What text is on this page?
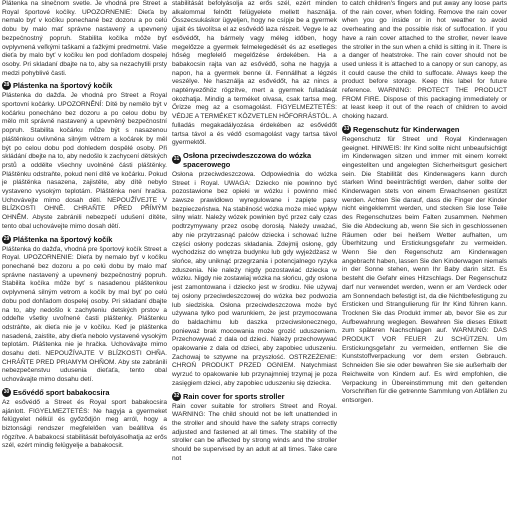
Plátenka na slnečnom svetle. Je vhodná pre Street a Royal športové kočíky. UPOZORNENIE: Dieťa by nemalo byť v kočíku ponechané bez dozoru a po celú dobu by malo mať správne nastavený a upevnený bezpečnostný popruh. Stabilita kočíka môže byť ovplyvnená veľkými taškami a ťažkými predmetmi. Vaše dieťa by malo byť v kočíku len pod dohľadom dospelej osoby. Pri skladaní dbajte na to, aby sa nezachytili prsty medzi pohyblivé časti.

28 Plástenka na športový kočík

Plástenka do dažďa. Je vhodná pro Street a Royal sportovní kočárky. UPOZORNĚNÍ: Dítě by nemělo být v kočárku ponecháno bez dozoru a po celou dobu by mělo mít správně nastavený a upevněný bezpečnostní popruh. Stabilita kočárku může být s nasazenou pláštěnkou ovlivněna silným větrem a kočárek by měl být po celou dobu pod dohledem dospělé osoby. Při skládání dbejte na to, aby nedošlo k zachycení dětských prstů a oddělte všechny uvolněné části pláštěnky. Pláštěnku odstraňte, pokud není dítě ve kočárku. Pokud je pláštěnka nasazena, zajistěte, aby dítě nebylo vystaveno vysokým teplotám. Pláštěnka není hračka. Uchovávejte mimo dosah dětí. NEPOUŽÍVEJTE V BLÍZKOSTI OHNĚ. CHRAŇTE PŘED PŘÍMÝM OHNĚM. Abyste zabránili nebezpečí udušení dítěte, tento obal uchovávejte mimo dosah dětí.

29 Pláštenka na športový kočík

Pláštenka do dažďa, vhodná pre športový kočík Street a Royal. UPOZORNENIE: Dieťa by nemalo byť v kočíku ponechané bez dozoru a po celú dobu by malo mať správne nastavený a upevnený bezpečnostný popruh. Stabilita kočíka môže byť s nasadenou pláštenkou ovplyvnená silným vetrom a kočík by mal byť po celú dobu pod dohľadom dospelej osoby. Pri skladaní dbajte na to, aby nedošlo k zachyteniu detských prstov a oddeľte všetky uvoľnené časti pláštenky. Pláštenku odstráňte, ak dieťa nie je v kočíku. Keď je pláštenka nasadená, zaistite, aby dieťa nebolo vystavené vysokým teplotám. Pláštenka nie je hračka. Uchovávajte mimo dosahu detí. NEPOUŽÍVAJTE V BLÍZKOSTI OHŇA. CHRÁŇTE PRED PRIAMYM OHŇOM. Aby ste zabránili nebezpečenstvu udusenia dieťaťa, tento obal uchovávajte mimo dosahu detí.

30 Esővédő sport babakocsira

Az esővédő a Street és Royal sport babakocsira ajánlott. FIGYELMEZTETÉS: Ne hagyja a gyermeket felügyelet nélkül és győződjön meg arról, hogy a biztonsági rendszer megfelelően van beállítva és rögzítve. A babakocsi stabilitását befolyásolhatja az erős szél, ezért mindig felügyelje a babakocsit.

stabilitását befolyásolja az erős szél, ezért minden alkalommal felnőtt felügyelete mellett használja. Összecsukáskor ügyeljen, hogy ne csípje be a gyermek ujjait és távolítsa el az esővédő laza részeit. Vegye le az esővédőt, ha bármely vagy méleg időben, hogy megelőzze a gyermek felmelegedését és az esetleges hőség megfelelő megelőzése érdekében. Ha a babakocsin rajta van az esővédő, soha ne hagyja a napon, ha a gyermek benne ül. Fennállhat a légzés veszélye. Ne használja az esővédőt, ha az nincs a naptényezőhöz rögzítve, mert a gyermek fulladását okozhatja. Mindig a terméket olvasa, csak tartsa meg. Őrizze meg az a csomagolást. FIGYELMEZTETÉS: VÉDJE A TERMÉKET KÖZVETLEN HŐFORRÁSTÓL. A fulladás megakadályozása érdekében az esővédőt tartsa távol a és védő csomagolást vagy tartsa távol gyermektől.

31 Osłona przeciwdeszczowa do wózka spacerowego

Osłona przeciwdeszczowa. Odpowiednia do wózka Street i Royal. UWAGA: Dziecko nie powinno być pozostawione bez opieki w wózku i powinno mieć zawsze prawidłowo wyregulowane i zapięte pasy bezpieczeństwa. Na stabilność wózka może mieć wpływ silny wiatr. Należy wózek powinien być przez cały czas podtrzymywany przez osobę dorosłą. Należy uważać, aby nie przytrzasnąć palców dziecka i schować luźne części osłony podczas składania. Zdejmij osłonę, gdy wychodzisz do wnętrza budynku lub gdy wyjeżdżasz w słońce, aby uniknąć przegrzania i potencjalnego ryzyka zduszenia. Nie należy nigdy pozostawiać dziecka w wózku. Nigdy nie zostawiaj wózka na słońcu, gdy osłona jest zamontowana i dziecko jest w środku. Nie używaj tej osłony przeciwdeszczowej do wózka bez podwozia lub siedziska. Osłona przeciwdeszczowa może być używana tylko pod warunkiem, że jest przymocowana do baldachimu lub daszka przeciwsłonecznego, ponieważ brak mocowania może grozić uduszeniem. Przechowywać z dala od dzieci. Należy przechowywać opakowanie z dala od dzieci, aby zapobiec uduszeniu. Zachowaj te sztywne na przyszłość. OSTRZEŻENIE: CHROŃ PRODUKT PRZED OGNIEM. Natychmiast wyrzuć to opakowanie lub przynajmniej trzymaj je poza zasięgiem dzieci, aby zapobiec uduszeniu się dziecka.

32 Rain cover for sports stroller

Rain cover suitable for strollers Street and Royal. WARNING: The child should not be left unattended in the stroller and should have the safety straps correctly adjusted and fastened at all times. The stability of the stroller can be affected by strong winds and the stroller should be supervised by an adult at all times. Take care not

to catch children's fingers and put away any loose parts of the rain cover, when folding. Remove the rain cover when you go inside or in hot weather to avoid overheating and the possible risk of suffocation. If you have a rain cover attached to the stroller, never leave the stroller in the sun when a child is sitting in it. There is a danger of heatstroke. The rain cover should not be used unless it is attached to a canopy or sun canopy, as it could cause the child to suffocate. Always keep the product before storage. Keep this label for future reference. WARNING: PROTECT THE PRODUCT FROM FIRE. Dispose of this packaging immediately or at least keep it out of the reach of children to avoid choking hazard.

33 Regenschutz für Kinderwagen

Regenschutz für Street und Royal Kinderwagen geeignet. HINWEIS: Ihr Kind sollte nicht unbeaufsichtigt im Kinderwagen sitzen und immer mit einem korrekt eingestellten und angelegten Sicherheitsgurt gesichert sein. Die Stabilität des Kinderwagens kann durch starken Wind beeinträchtigt werden, daher sollte der Kinderwagen stets von einem Erwachsenen gestützt werden. Achten Sie darauf, dass die Finger der Kinder nicht eingeklemmt werden, und stecken Sie lose Teile des Regenschutzes beim Falten zusammen. Nehmen Sie die Abdeckung ab, wenn Sie sich in geschlossenen Räumen oder bei heißem Wetter aufhalten, um Überhitzung und Erstickungsgefahr zu vermeiden. Wenn Sie den Regenschutz am Kinderwagen angebracht haben, lassen Sie den Kinderwagen niemals in der Sonne stehen, wenn Ihr Baby darin sitzt. Es besteht die Gefahr eines Hitzschlags. Der Regenschutz darf nur verwendet werden, wenn er am Verdeck oder am Sonnendach befestigt ist, da die Nichtbefestigung zu Ersticken und Strangulierung für Ihr Kind führen kann. Trocknen Sie das Produkt immer ab, bevor Sie es zur Aufbewahrung weglegen. Bewahren Sie dieses Etikett zum späteren Nachschlagen auf. WARNUNG: DAS PRODUKT VOR FEUER ZU SCHÜTZEN. Um Erstickungsgefahr zu vermeiden, entfernen Sie die Kunststoffverpackung vor dem ersten Gebrauch. Schneiden Sie sie oder bewahren Sie sie außerhalb der Reichweite von Kindern auf. Es wird empfohlen, die Verpackung in Übereinstimmung mit den geltenden Vorschriften für die getrennte Sammlung von Abfällen zu entsorgen.
